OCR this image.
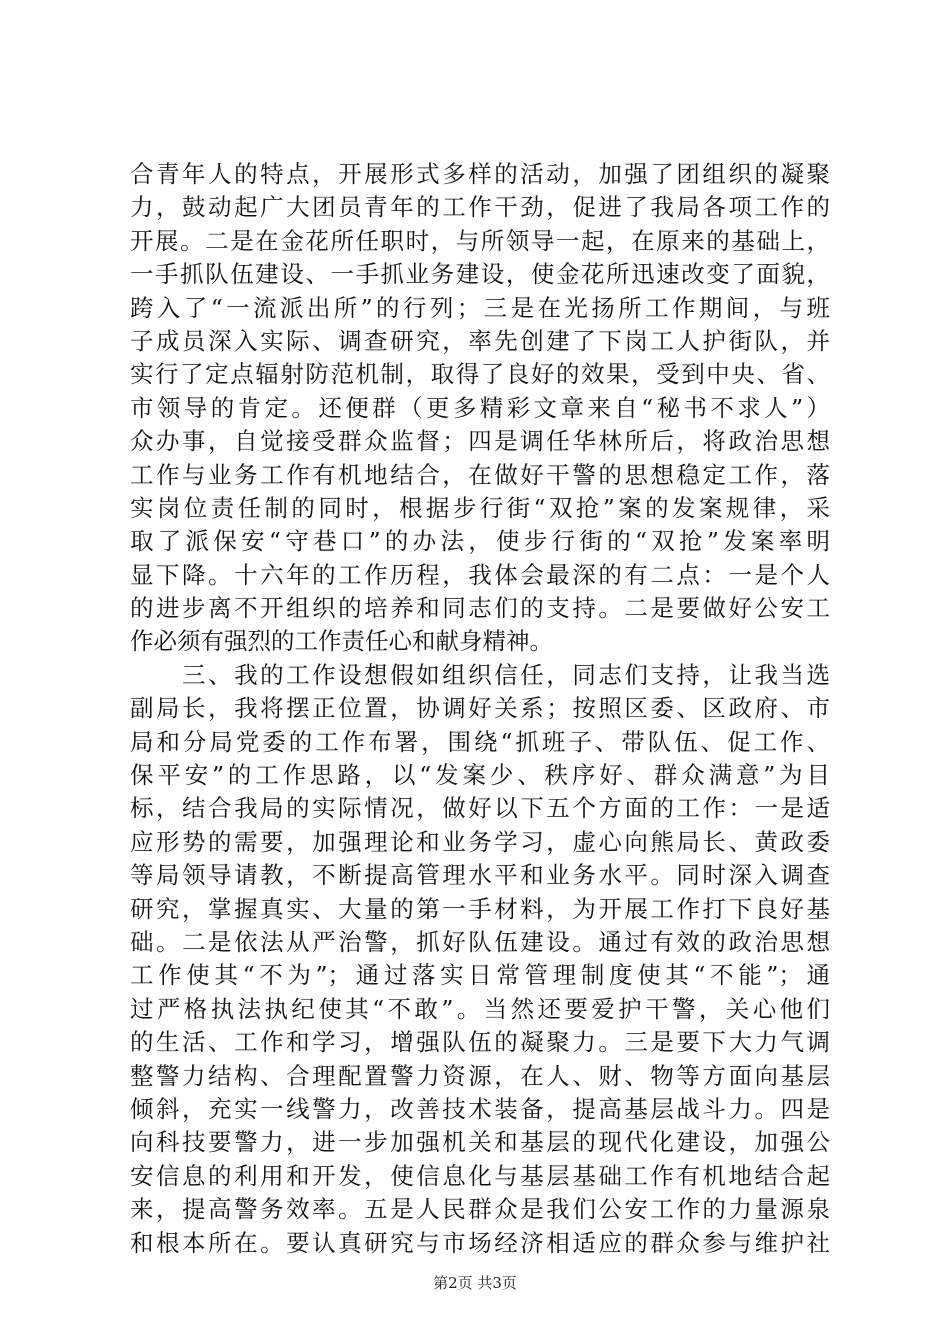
合青年人的特点，开展形式多样的活动，加强了团组织的凝聚
力，鼓动起广大团员青年的工作干劲，促进了我局各项工作的
开展。二是在金花所任职时，与所领导一起，在原来的基础上，
一手抓队伍建设、一手抓业务建设，使金花所迅速改变了面貌，
跨入了“一流派出所”的行列；三是在光扬所工作期间，与班
子成员深入实际、调查研究，率先创建了下岗工人护街队，并
实行了定点辐射防范机制，取得了良好的效果，受到中央、省、
市领导的肯定。还便群（更多精彩文章来自“秘书不求人”）
众办事，自觉接受群众监督；四是调任华林所后，将政治思想
工作与业务工作有机地结合，在做好干警的思想稳定工作，落
实岗位责任制的同时，根据步行街“双抢”案的发案规律，采
取了派保安“守巷口”的办法，使步行街的“双抢”发案率明
显下降。十六年的工作历程，我体会最深的有二点：一是个人
的进步离不开组织的培养和同志们的支持。二是要做好公安工
作必须有强烈的工作责任心和献身精神。
　　三、我的工作设想假如组织信任，同志们支持，让我当选
副局长，我将摆正位置，协调好关系；按照区委、区政府、市
局和分局党委的工作布署，围绕“抓班子、带队伍、促工作、
保平安”的工作思路，以“发案少、秩序好、群众满意”为目
标，结合我局的实际情况，做好以下五个方面的工作：一是适
应形势的需要，加强理论和业务学习，虚心向熊局长、黄政委
等局领导请教，不断提高管理水平和业务水平。同时深入调查
研究，掌握真实、大量的第一手材料，为开展工作打下良好基
础。二是依法从严治警，抓好队伍建设。通过有效的政治思想
工作使其“不为”；通过落实日常管理制度使其“不能”；通
过严格执法执纪使其“不敢”。当然还要爱护干警，关心他们
的生活、工作和学习，增强队伍的凝聚力。三是要下大力气调
整警力结构、合理配置警力资源，在人、财、物等方面向基层
倾斜，充实一线警力，改善技术装备，提高基层战斗力。四是
向科技要警力，进一步加强机关和基层的现代化建设，加强公
安信息的利用和开发，使信息化与基层基础工作有机地结合起
来，提高警务效率。五是人民群众是我们公安工作的力量源泉
和根本所在。要认真研究与市场经济相适应的群众参与维护社
第2页 共3页
